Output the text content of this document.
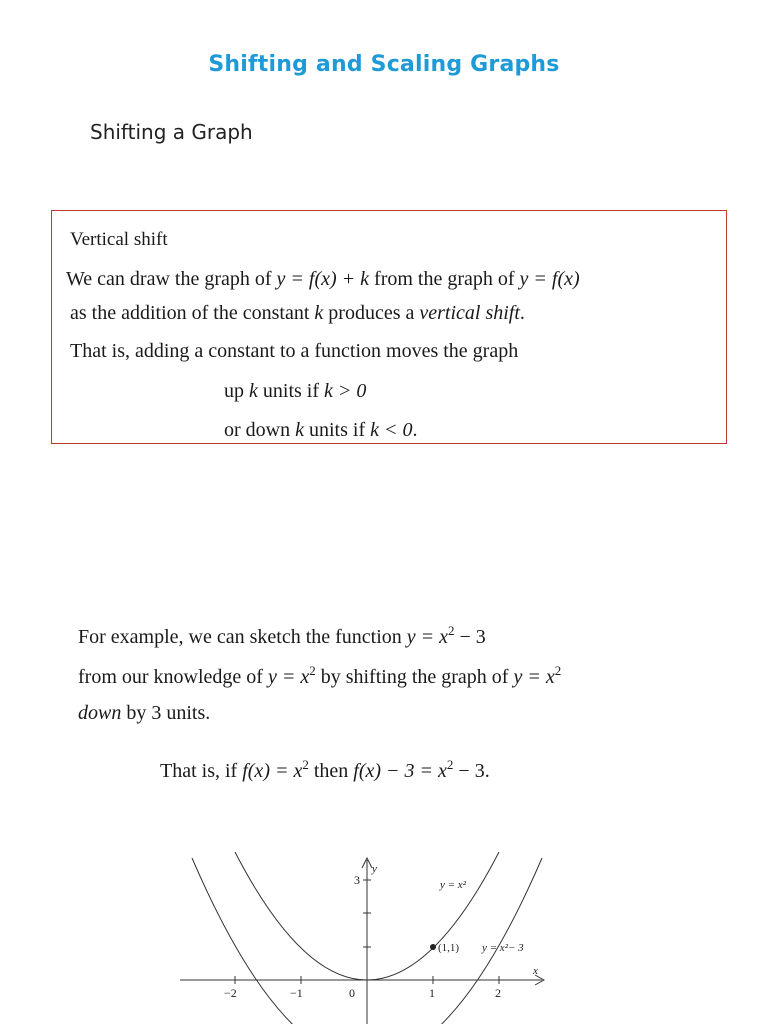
Shifting and Scaling Graphs
Shifting a Graph
Vertical shift
We can draw the graph of y = f(x) + k from the graph of y = f(x)
as the addition of the constant k produces a vertical shift.
That is, adding a constant to a function moves the graph
up k units if k > 0
or down k units if k < 0.
For example, we can sketch the function $y = x^2 - 3$
from our knowledge of $y = x^2$ by shifting the graph of $y = x^2$
down by 3 units.
That is, if $f(x) = x^2$ then $f(x) - 3 = x^2 - 3$.
−2	−1	0	1	2
3
x
y
y = x²
y = x²− 3
(1,1)
